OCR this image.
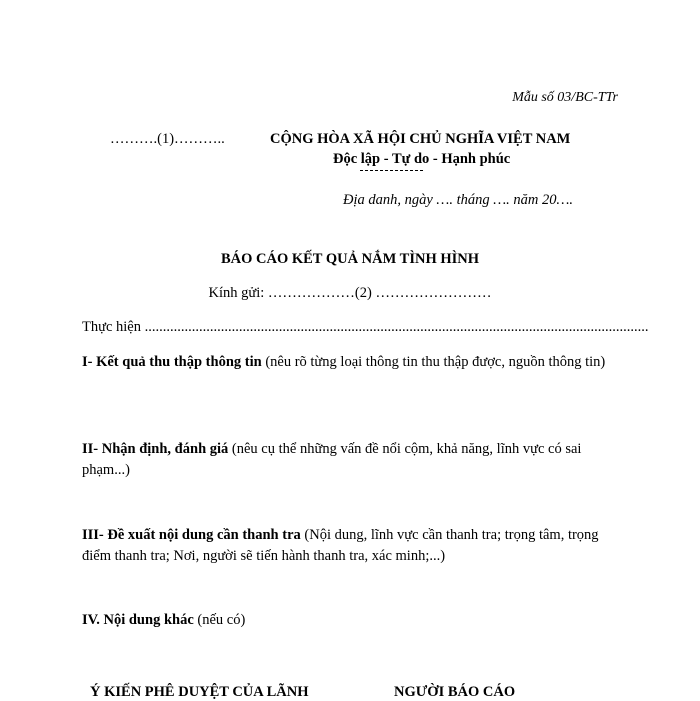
Mẫu số 03/BC-TTr
……….(1)………..	CỘNG HÒA XÃ HỘI CHỦ NGHĨA VIỆT NAM
Độc lập - Tự do - Hạnh phúc
Địa danh, ngày …. tháng …. năm 20….
BÁO CÁO KẾT QUẢ NẮM TÌNH HÌNH
Kính gửi: ………………(2) ……………………
Thực hiện ...........................................................................................................................................
I- Kết quả thu thập thông tin (nêu rõ từng loại thông tin thu thập được, nguồn thông tin)
II- Nhận định, đánh giá (nêu cụ thể những vấn đề nổi cộm, khả năng, lĩnh vực có sai phạm...)
III- Đề xuất nội dung cần thanh tra (Nội dung, lĩnh vực cần thanh tra; trọng tâm, trọng điểm thanh tra; Nơi, người sẽ tiến hành thanh tra, xác minh;...)
IV. Nội dung khác (nếu có)
Ý KIẾN PHÊ DUYỆT CỦA LÃNH	NGƯỜI BÁO CÁO
